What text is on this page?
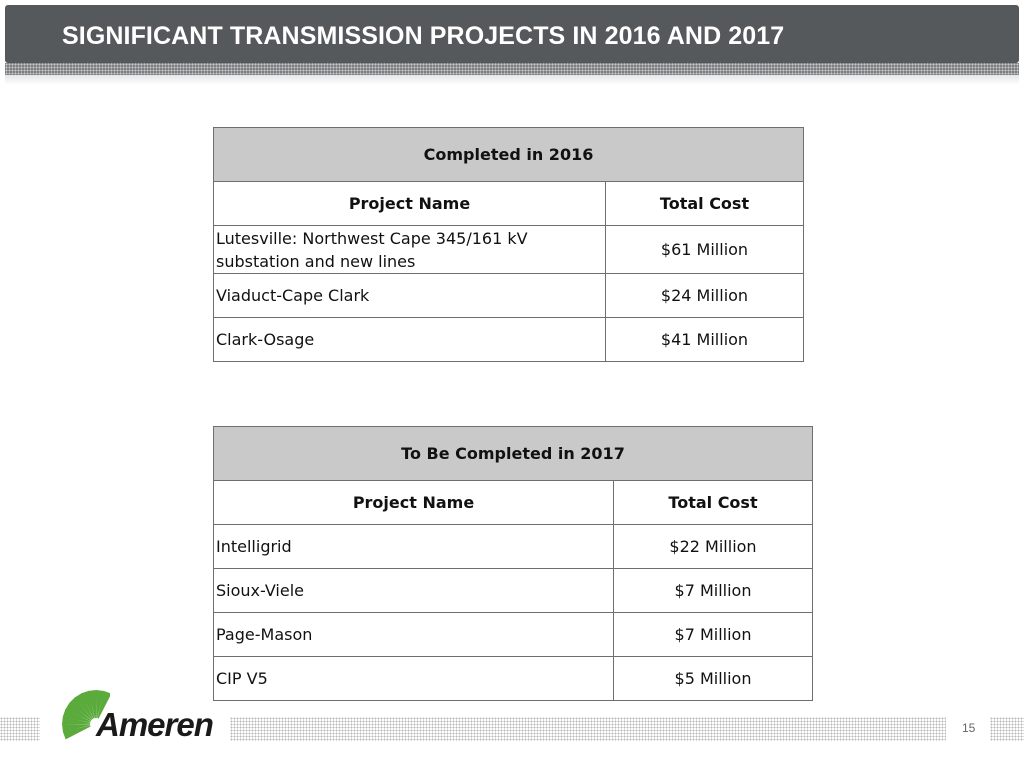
SIGNIFICANT TRANSMISSION PROJECTS IN 2016 AND 2017
Completed in 2016	
Project Name	Total Cost
Lutesville: Northwest Cape 345/161 kV substation and new lines	$61 Million
Viaduct-Cape Clark	$24 Million
Clark-Osage	$41 Million
To Be Completed in 2017	
Project Name	Total Cost
Intelligrid	$22 Million
Sioux-Viele	$7 Million
Page-Mason	$7 Million
CIP V5	$5 Million
Ameren	15
